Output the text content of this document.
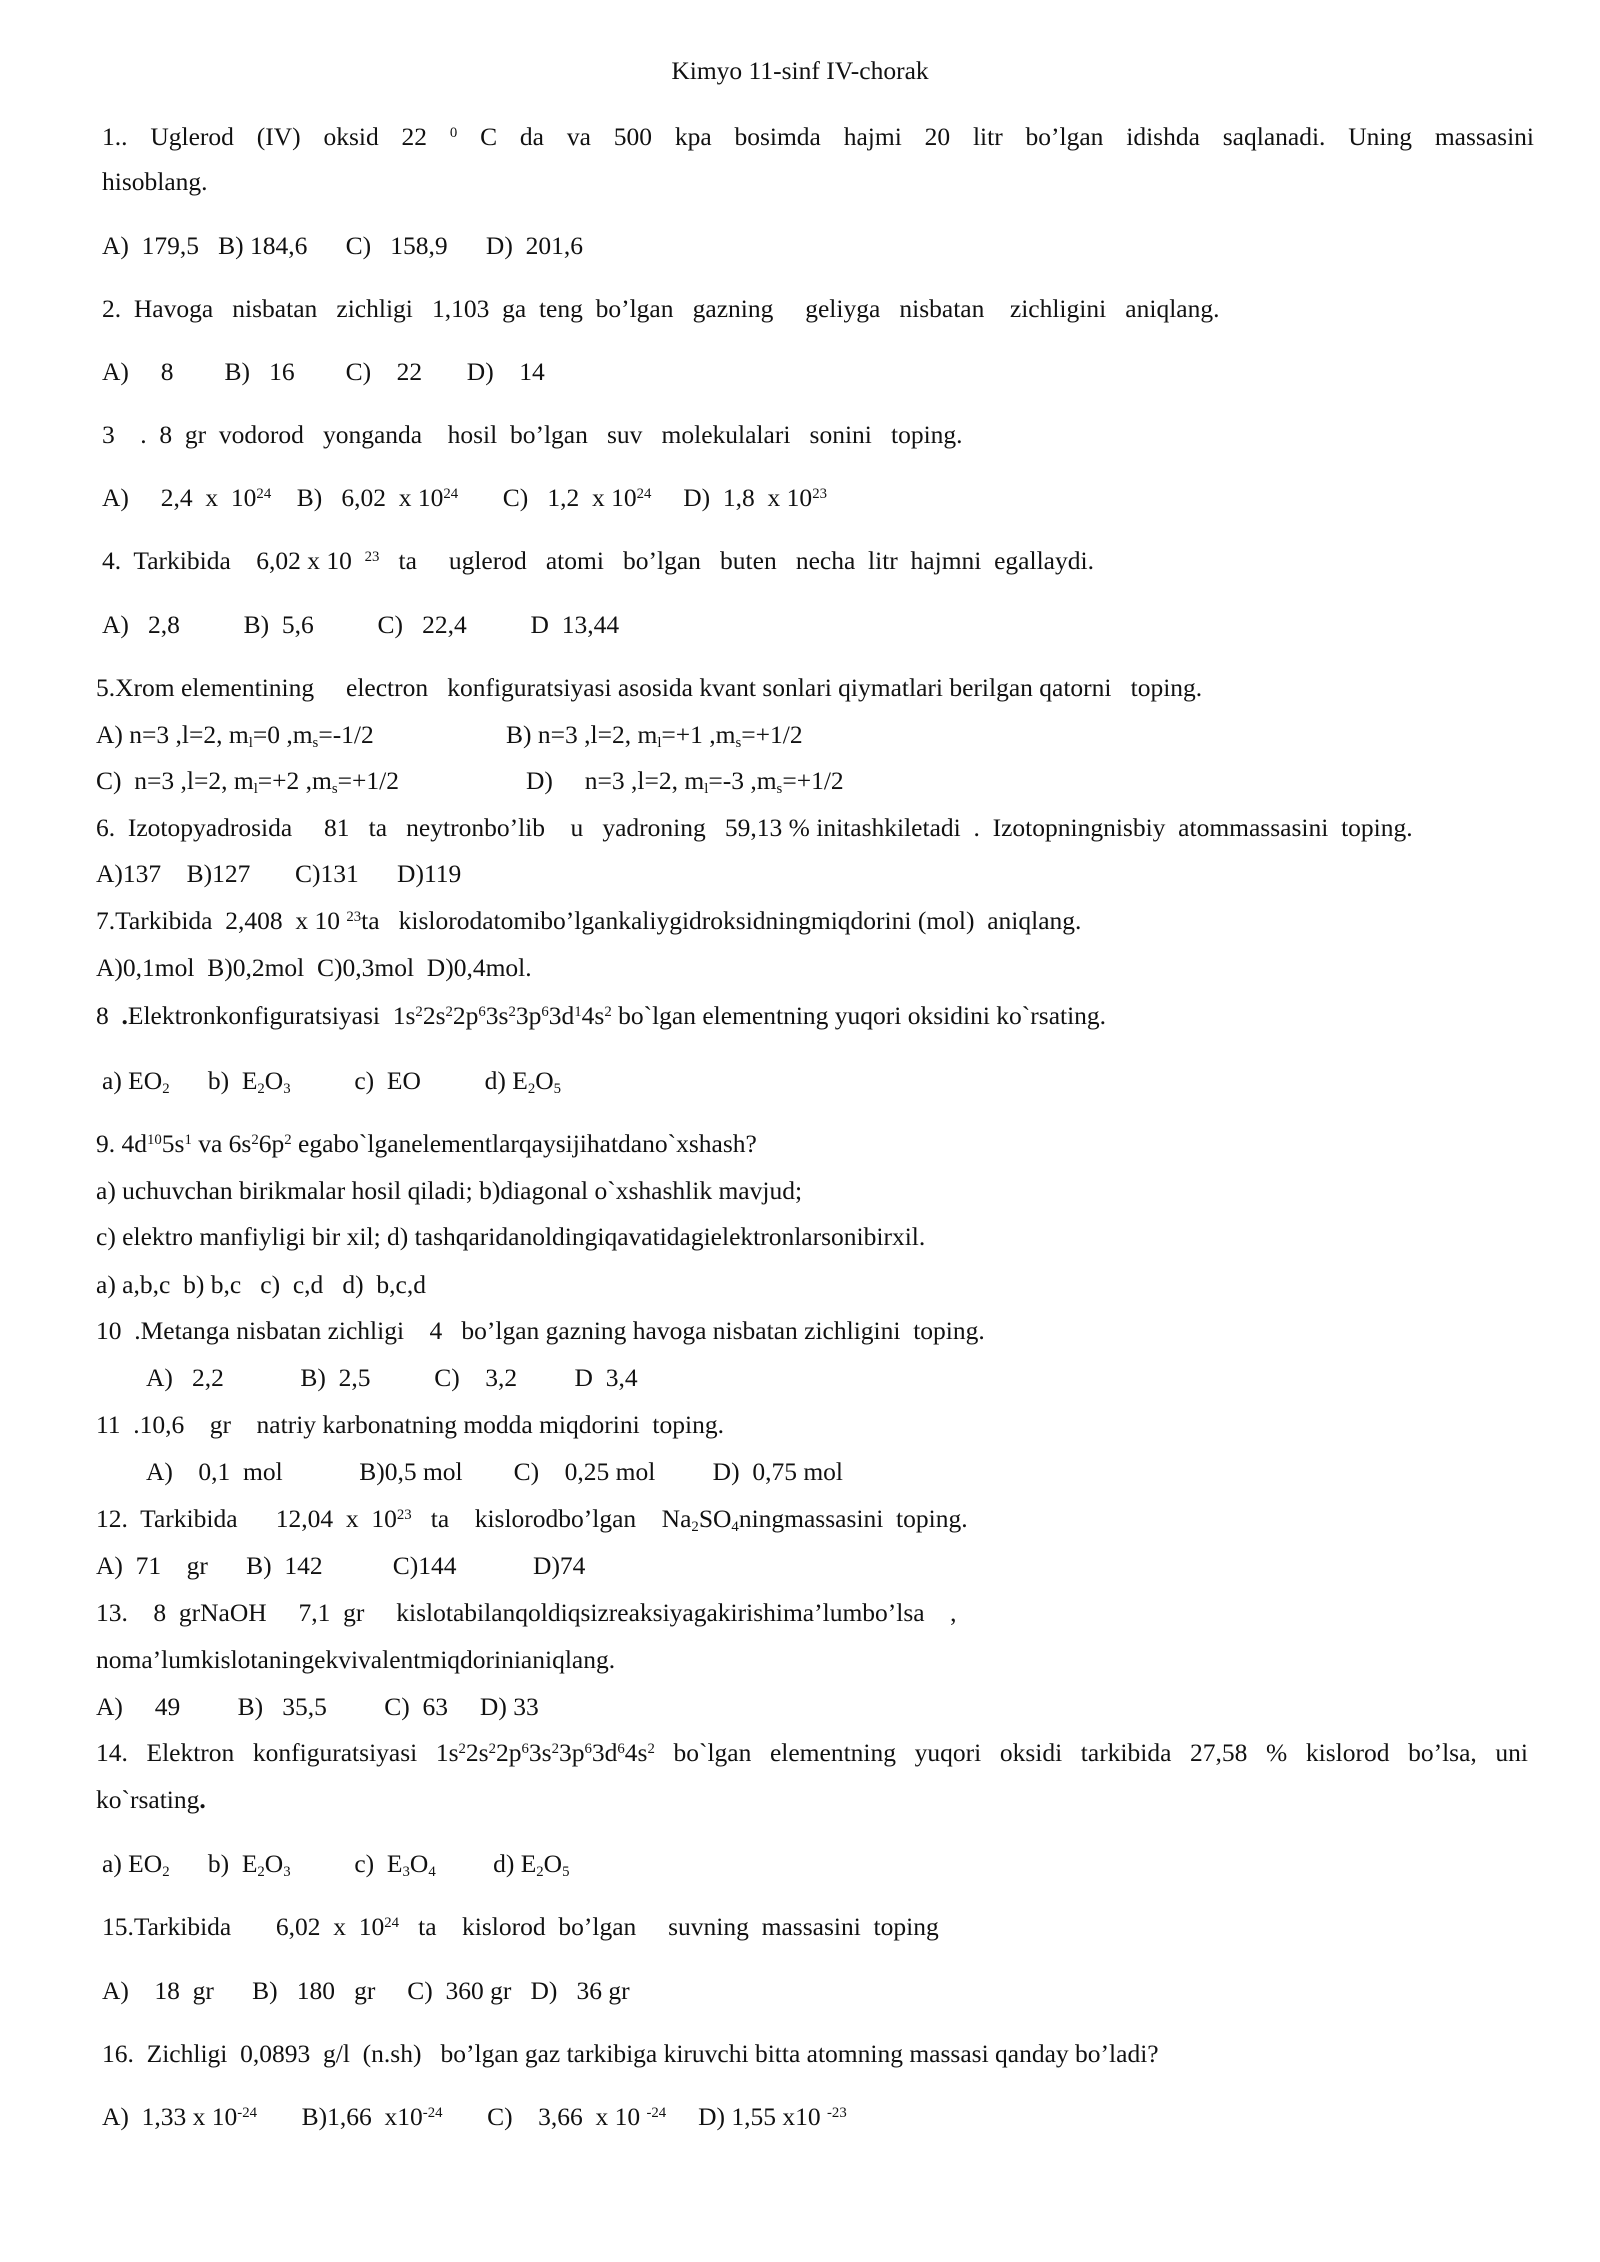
Kimyo 11-sinf IV-chorak
1.. Uglerod (IV) oksid 22 $^0$ C da va 500 kpa bosimda hajmi 20 litr bo’lgan idishda saqlanadi. Uning massasini
hisoblang.
A)  179,5   B) 184,6      C)   158,9      D)  201,6
2.  Havoga   nisbatan   zichligi   1,103  ga  teng  bo’lgan   gazning     geliyga   nisbatan    zichligini   aniqlang.
A)     8        B)   16        C)    22       D)    14
3    .  8  gr  vodorod   yonganda    hosil  bo’lgan   suv   molekulalari   sonini   toping.
A)     2,4  x  $10^{24}$    B)   6,02  x $10^{24}$       C)   1,2  x $10^{24}$     D)  1,8  x $10^{23}$
4.  Tarkibida    6,02 x 10  $^{23}$   ta     uglerod   atomi   bo’lgan   buten   necha  litr  hajmni  egallaydi.
A)   2,8          B)  5,6          C)   22,4          D  13,44
5.Xrom elementining     electron   konfiguratsiyasi asosida kvant sonlari qiymatlari berilgan qatorni   toping.
A) n=3 ,l=2, $m_l=0$ $,m_s=-1/2$	B) n=3 ,l=2, $m_l=+1$ $,m_s=+1/2$
C)  n=3 ,l=2, $m_l=+2$ $,m_s=+1/2$	D)     n=3 ,l=2, $m_l=-3$ $,m_s=+1/2$
6.  Izotopyadrosida     81   ta   neytronbo’lib    u   yadroning   59,13 % initashkiletadi  .  Izotopningnisbiy  atommassasini  toping.
A)137    B)127       C)131      D)119
7.Tarkibida  2,408  x 10 $^{23}$ta   kislorodatomibo’lgankaliygidroksidningmiqdorini (mol)  aniqlang.
A)0,1mol  B)0,2mol  C)0,3mol  D)0,4mol.
8  .Elektronkonfiguratsiyasi  $1s^22s^22p^63s^23p^63d^14s^2$ bo`lgan elementning yuqori oksidini ko`rsating.
a) $EO_2$      b)  $E_2O_3$          c)  EO          d) $E_2O_5$
9. $4d^{10}5s^1$ va $6s^26p^2$ egabo`lganelementlarqaysijihatdano`xshash?
a) uchuvchan birikmalar hosil qiladi; b)diagonal o`xshashlik mavjud;
c) elektro manfiyligi bir xil; d) tashqaridanoldingiqavatidagielektronlarsonibirxil.
a) a,b,c  b) b,c   c)  c,d   d)  b,c,d
10  .Metanga nisbatan zichligi    4   bo’lgan gazning havoga nisbatan zichligini  toping.
A)   2,2            B)  2,5          C)    3,2         D  3,4
11  .10,6    gr    natriy karbonatning modda miqdorini  toping.
A)    0,1  mol            B)0,5 mol        C)    0,25 mol         D)  0,75 mol
12.  Tarkibida      12,04  x  $10^{23}$   ta    kislorodbo’lgan    $Na_2SO_4ningmassasini$  toping.
A)  71    gr      B)  142           C)144            D)74
13.    8  grNaOH     7,1  gr     kislotabilanqoldiqsizreaksiyagakirishima’lumbo’lsa    ,
noma’lumkislotaningekvivalentmiqdorinianiqlang.
A)     49         B)   35,5         C)  63     D) 33
14. Elektron konfiguratsiyasi $1s^22s^22p^63s^23p^63d^64s^2$ bo`lgan elementning yuqori oksidi tarkibida 27,58 % kislorod bo’lsa, uni
ko`rsating.
a) $EO_2$      b)  $E_2O_3$          c)  $E_3O_4$         d) $E_2O_5$
15.Tarkibida       6,02  x  $10^{24}$   ta    kislorod  bo’lgan     suvning  massasini  toping
A)    18  gr      B)   180   gr     C)  360 gr   D)   36 gr
16.  Zichligi  0,0893  g/l  (n.sh)   bo’lgan gaz tarkibiga kiruvchi bitta atomning massasi qanday bo’ladi?
A)  1,33 x $10^{-24}$       B)1,66  $x10^{-24}$       C)    3,66  x 10 $^{-24}$     D) 1,55 x10 $^{-23}$
